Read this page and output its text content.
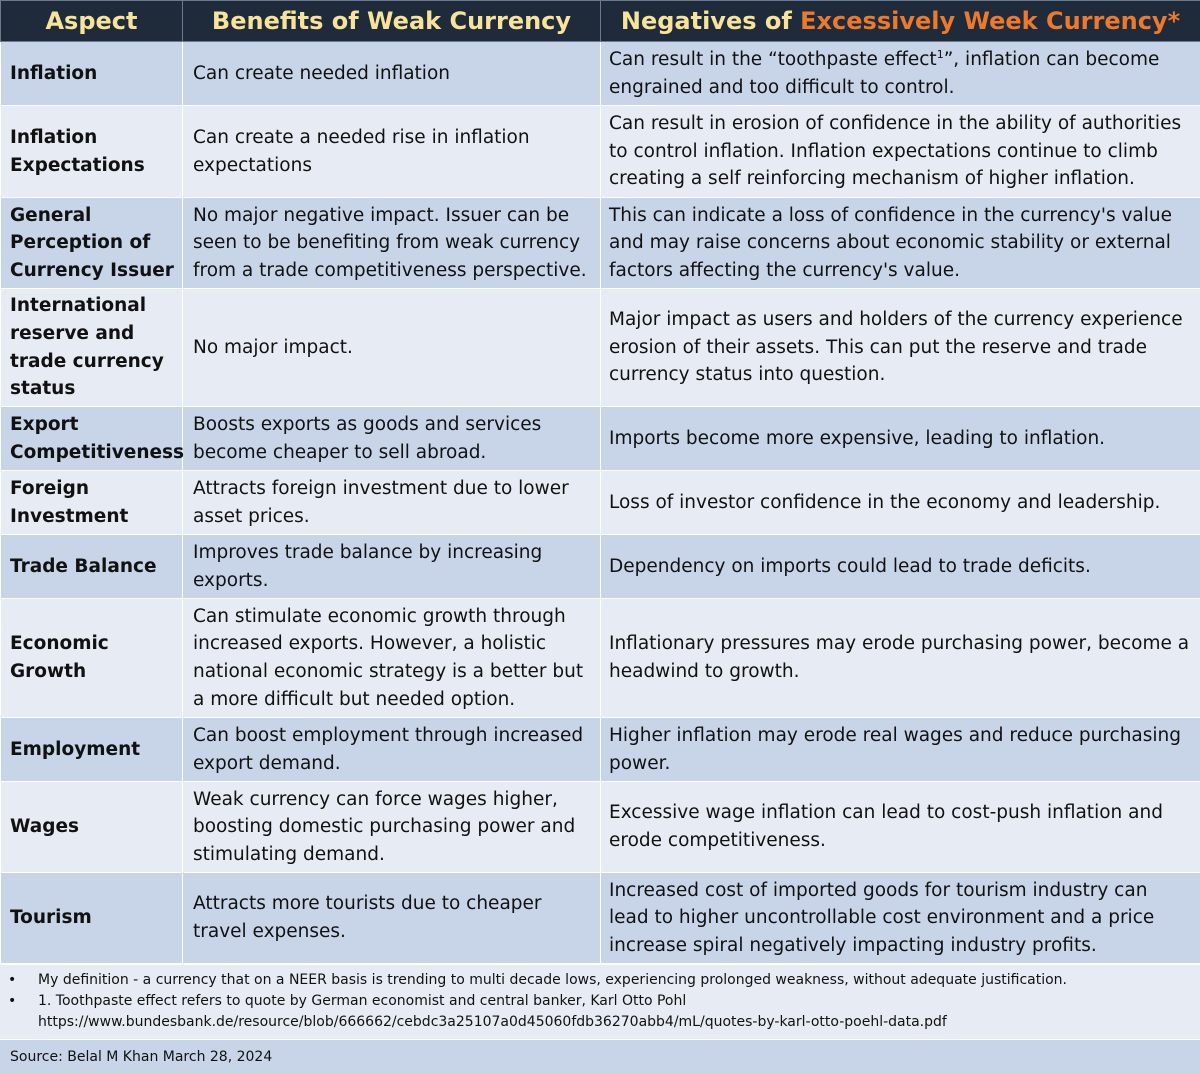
Aspect	Benefits of Weak Currency	Negatives of Excessively Week Currency*
Inflation	Can create needed inflation	Can result in the “toothpaste effect$^1$”, inflation can become engrained and too difficult to control.
Inflation Expectations	Can create a needed rise in inflation expectations	Can result in erosion of confidence in the ability of authorities to control inflation. Inflation expectations continue to climb creating a self reinforcing mechanism of higher inflation.
General Perception of Currency Issuer	No major negative impact. Issuer can be seen to be benefiting from weak currency from a trade competitiveness perspective.	This can indicate a loss of confidence in the currency's value and may raise concerns about economic stability or external factors affecting the currency's value.
International reserve and trade currency status	No major impact.	Major impact as users and holders of the currency experience erosion of their assets. This can put the reserve and trade currency status into question.
Export Competitiveness	Boosts exports as goods and services become cheaper to sell abroad.	Imports become more expensive, leading to inflation.
Foreign Investment	Attracts foreign investment due to lower asset prices.	Loss of investor confidence in the economy and leadership.
Trade Balance	Improves trade balance by increasing exports.	Dependency on imports could lead to trade deficits.
Economic Growth	Can stimulate economic growth through increased exports. However, a holistic national economic strategy is a better but a more difficult but needed option.	Inflationary pressures may erode purchasing power, become a headwind to growth.
Employment	Can boost employment through increased export demand.	Higher inflation may erode real wages and reduce purchasing power.
Wages	Weak currency can force wages higher, boosting domestic purchasing power and stimulating demand.	Excessive wage inflation can lead to cost-push inflation and erode competitiveness.
Tourism	Attracts more tourists due to cheaper travel expenses.	Increased cost of imported goods for tourism industry can lead to higher uncontrollable cost environment and a price increase spiral negatively impacting industry profits.
•	My definition - a currency that on a NEER basis is trending to multi decade lows, experiencing prolonged weakness, without adequate justification.
•	1. Toothpaste effect refers to quote by German economist and central banker, Karl Otto Pohl
https://www.bundesbank.de/resource/blob/666662/cebdc3a25107a0d45060fdb36270abb4/mL/quotes-by-karl-otto-poehl-data.pdf
Source: Belal M Khan March 28, 2024
